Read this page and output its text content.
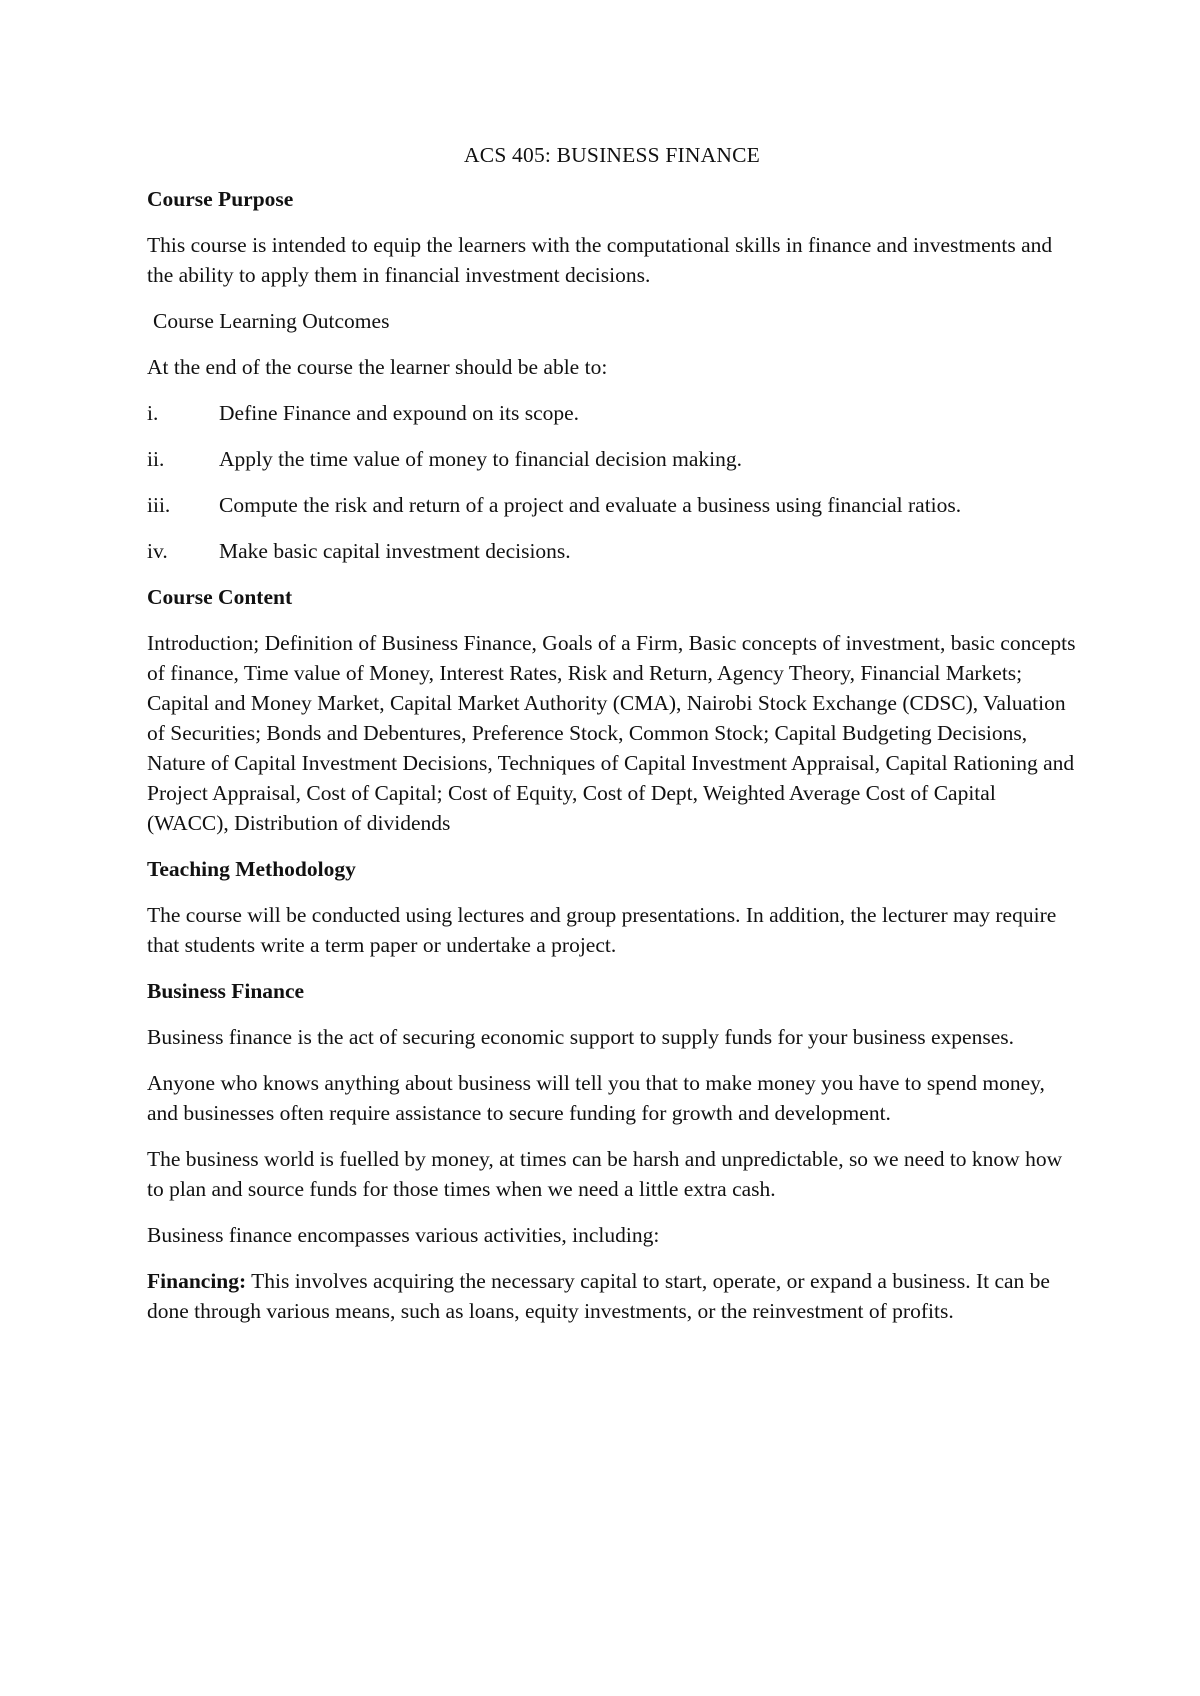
ACS 405: BUSINESS FINANCE
Course Purpose
This course is intended to equip the learners with the computational skills in finance and investments and the ability to apply them in financial investment decisions.
Course Learning Outcomes
At the end of the course the learner should be able to:
i.	Define Finance and expound on its scope.
ii.	Apply the time value of money to financial decision making.
iii.	Compute the risk and return of a project and evaluate a business using financial ratios.
iv.	Make basic capital investment decisions.
Course Content
Introduction; Definition of Business Finance, Goals of a Firm, Basic concepts of investment, basic concepts of finance, Time value of Money, Interest Rates, Risk and Return, Agency Theory, Financial Markets; Capital and Money Market, Capital Market Authority (CMA), Nairobi Stock Exchange (CDSC), Valuation of Securities; Bonds and Debentures, Preference Stock, Common Stock; Capital Budgeting Decisions, Nature of Capital Investment Decisions, Techniques of Capital Investment Appraisal, Capital Rationing and Project Appraisal, Cost of Capital; Cost of Equity, Cost of Dept, Weighted Average Cost of Capital (WACC), Distribution of dividends
Teaching Methodology
The course will be conducted using lectures and group presentations. In addition, the lecturer may require that students write a term paper or undertake a project.
Business Finance
Business finance is the act of securing economic support to supply funds for your business expenses.
Anyone who knows anything about business will tell you that to make money you have to spend money, and businesses often require assistance to secure funding for growth and development.
The business world is fuelled by money, at times can be harsh and unpredictable, so we need to know how to plan and source funds for those times when we need a little extra cash.
Business finance encompasses various activities, including:
Financing: This involves acquiring the necessary capital to start, operate, or expand a business. It can be done through various means, such as loans, equity investments, or the reinvestment of profits.
